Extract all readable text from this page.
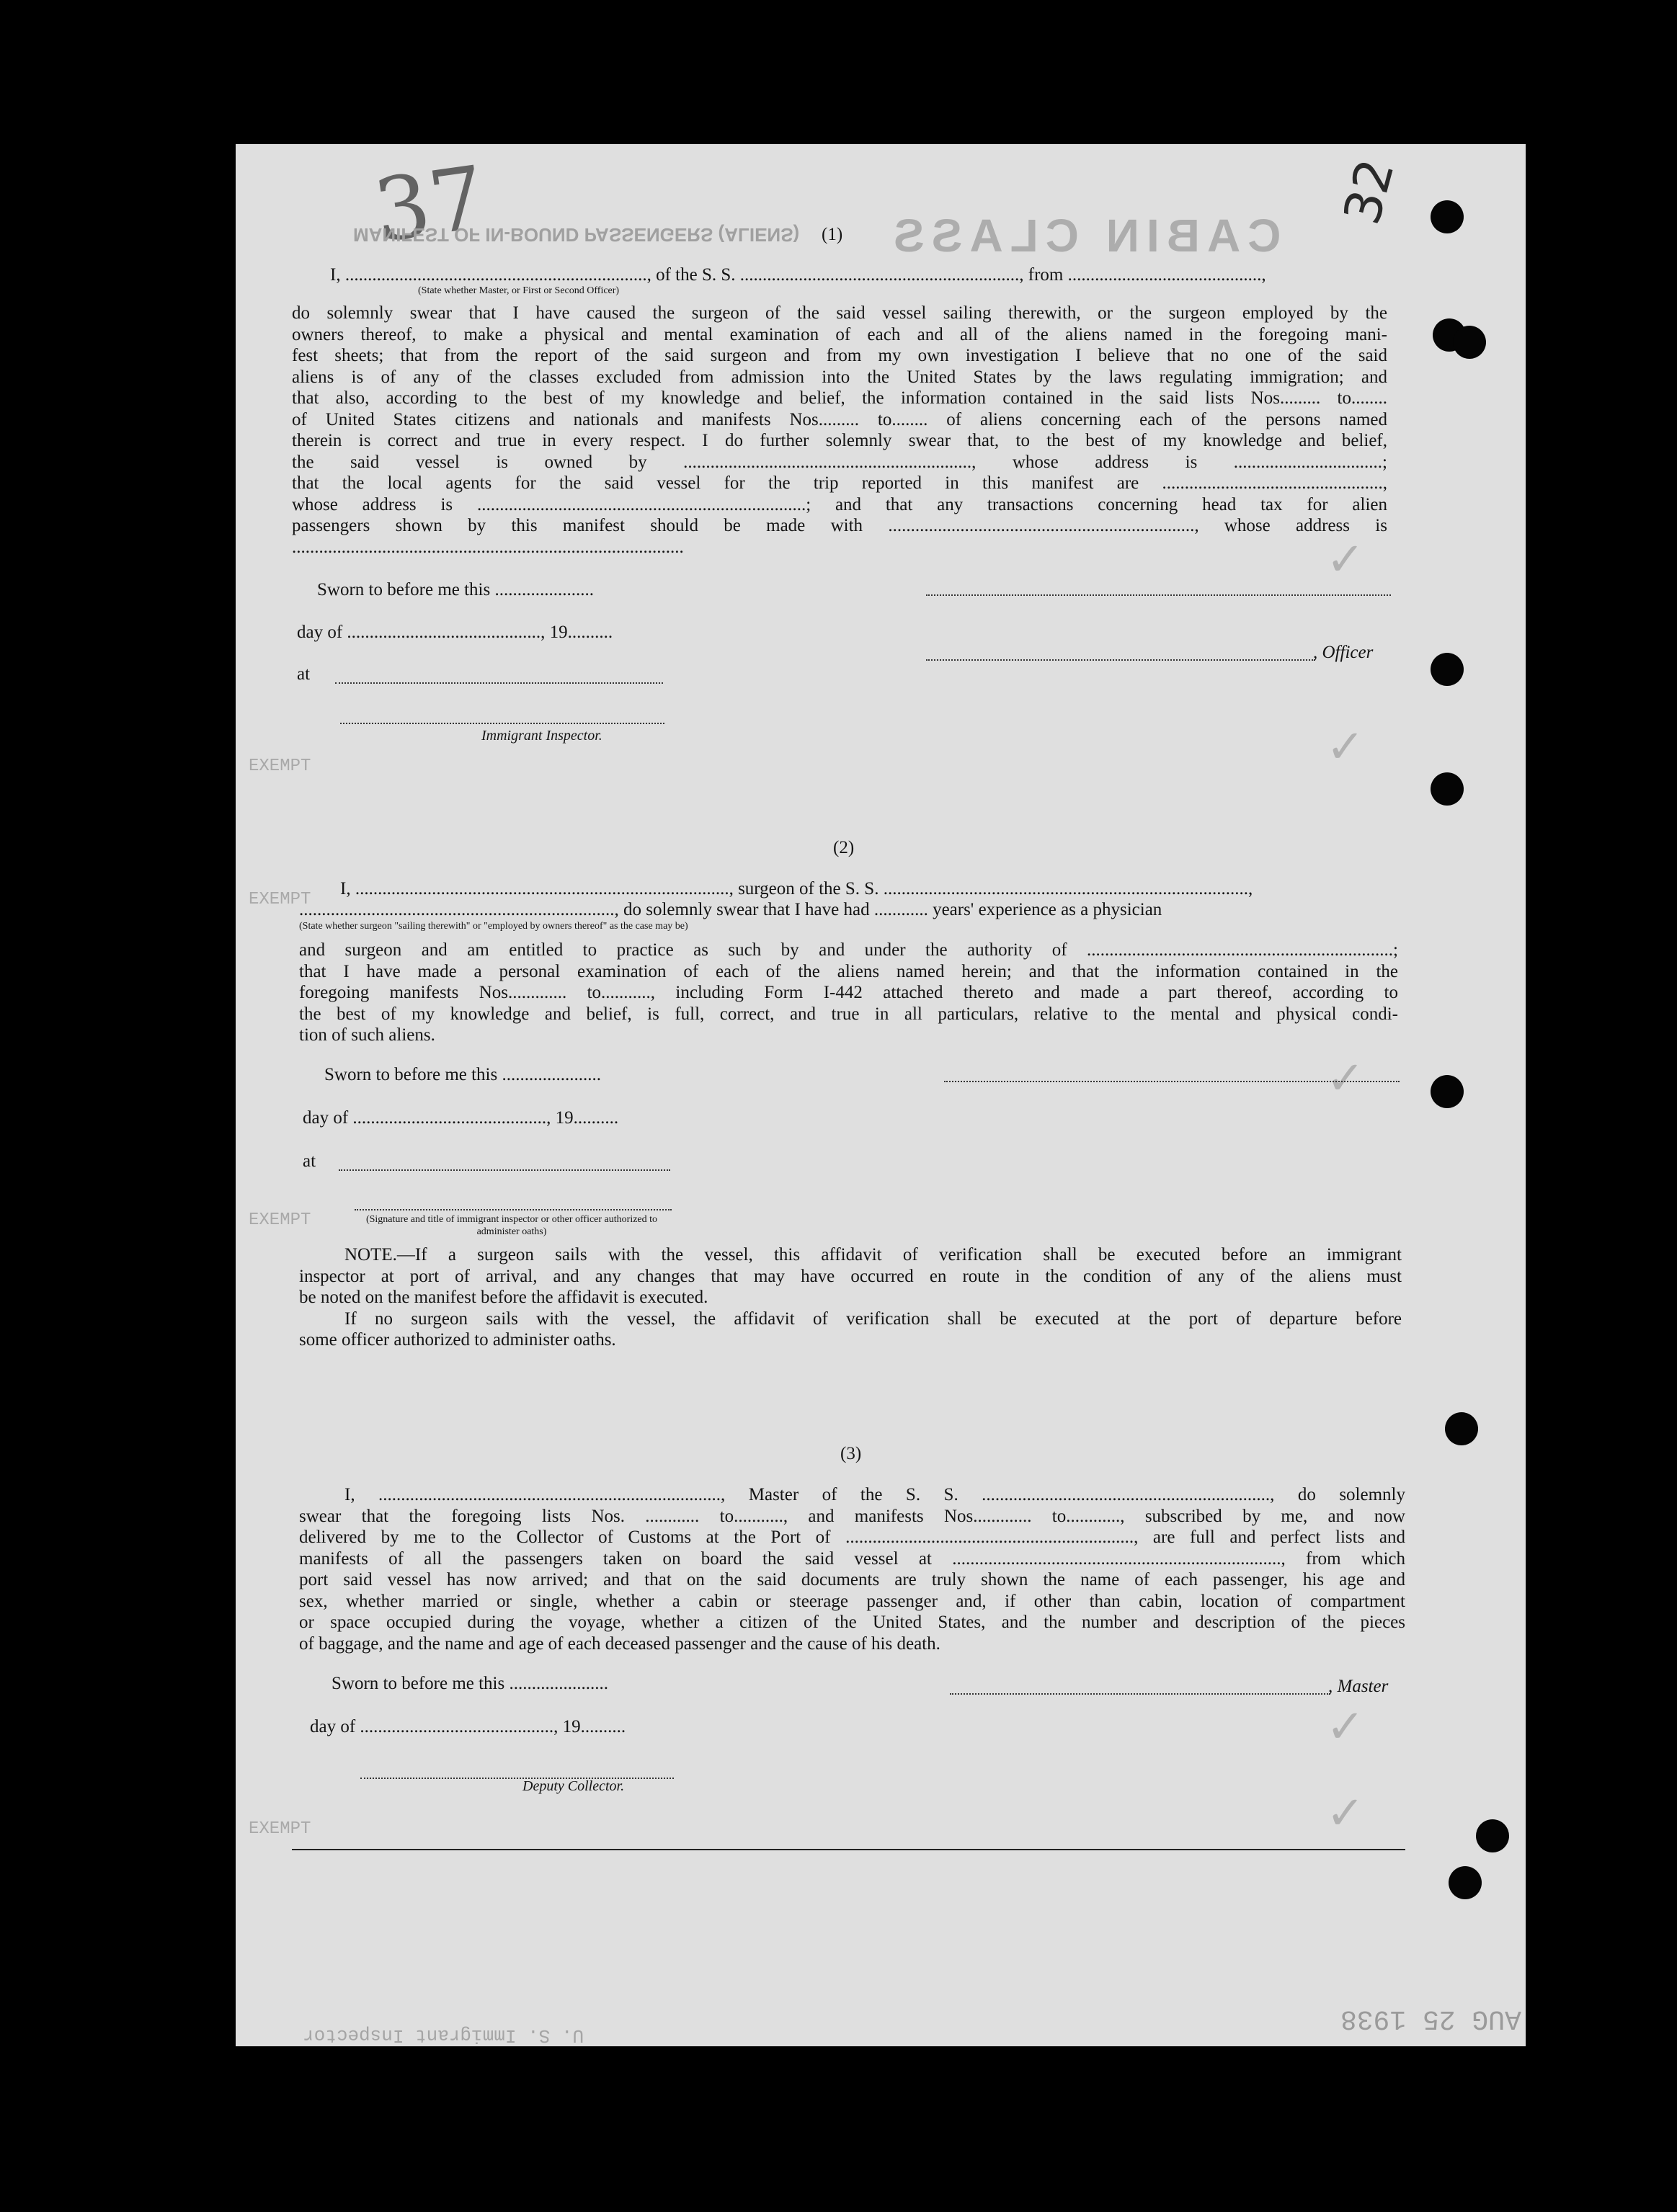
37	32
CABIN CLASS
MANIFEST OF IN-BOUND PASSENGERS (ALIENS)
AUG 25 1938
U. S. Immigrant Inspector
✓
✓
✓
✓
✓
EXEMPT
EXEMPT
EXEMPT
EXEMPT
(1)
I, ..................................................................., of the S. S. .............................................................., from ...........................................,
(State whether Master, or First or Second Officer)
do solemnly swear that I have caused the surgeon of the said vessel sailing therewith, or the surgeon employed by the
owners thereof, to make a physical and mental examination of each and all of the aliens named in the foregoing mani-
fest sheets; that from the report of the said surgeon and from my own investigation I believe that no one of the said
aliens is of any of the classes excluded from admission into the United States by the laws regulating immigration; and
that also, according to the best of my knowledge and belief, the information contained in the said lists Nos......... to........
of United States citizens and nationals and manifests Nos......... to........ of aliens concerning each of the persons named
therein is correct and true in every respect. I do further solemnly swear that, to the best of my knowledge and belief,
the said vessel is owned by ................................................................, whose address is .................................;
that the local agents for the said vessel for the trip reported in this manifest are .................................................,
whose address is .........................................................................; and that any transactions concerning head tax for alien
passengers shown by this manifest should be made with ...................................................................., whose address is
.......................................................................................
Sworn to before me this ......................
day of ..........................................., 19..........
at
Immigrant Inspector.
, Officer
(2)
I, ..................................................................................., surgeon of the S. S. .................................................................................,
......................................................................, do solemnly swear that I have had ............ years' experience as a physician
(State whether surgeon "sailing therewith" or "employed by owners thereof" as the case may be)
and surgeon and am entitled to practice as such by and under the authority of ....................................................................;
that I have made a personal examination of each of the aliens named herein; and that the information contained in the
foregoing manifests Nos............. to..........., including Form I-442 attached thereto and made a part thereof, according to
the best of my knowledge and belief, is full, correct, and true in all particulars, relative to the mental and physical condi-
tion of such aliens.
Sworn to before me this ......................
day of ..........................................., 19..........
at
(Signature and title of immigrant inspector or other officer authorized to administer oaths)
NOTE.—If a surgeon sails with the vessel, this affidavit of verification shall be executed before an immigrant
inspector at port of arrival, and any changes that may have occurred en route in the condition of any of the aliens must
be noted on the manifest before the affidavit is executed.
If no surgeon sails with the vessel, the affidavit of verification shall be executed at the port of departure before
some officer authorized to administer oaths.
(3)
I, ............................................................................, Master of the S. S. ................................................................, do solemnly
swear that the foregoing lists Nos. ............ to..........., and manifests Nos............. to............, subscribed by me, and now
delivered by me to the Collector of Customs at the Port of ................................................................, are full and perfect lists and
manifests of all the passengers taken on board the said vessel at ........................................................................., from which
port said vessel has now arrived; and that on the said documents are truly shown the name of each passenger, his age and
sex, whether married or single, whether a cabin or steerage passenger and, if other than cabin, location of compartment
or space occupied during the voyage, whether a citizen of the United States, and the number and description of the pieces
of baggage, and the name and age of each deceased passenger and the cause of his death.
Sworn to before me this ......................
day of ..........................................., 19..........
Deputy Collector.
, Master
